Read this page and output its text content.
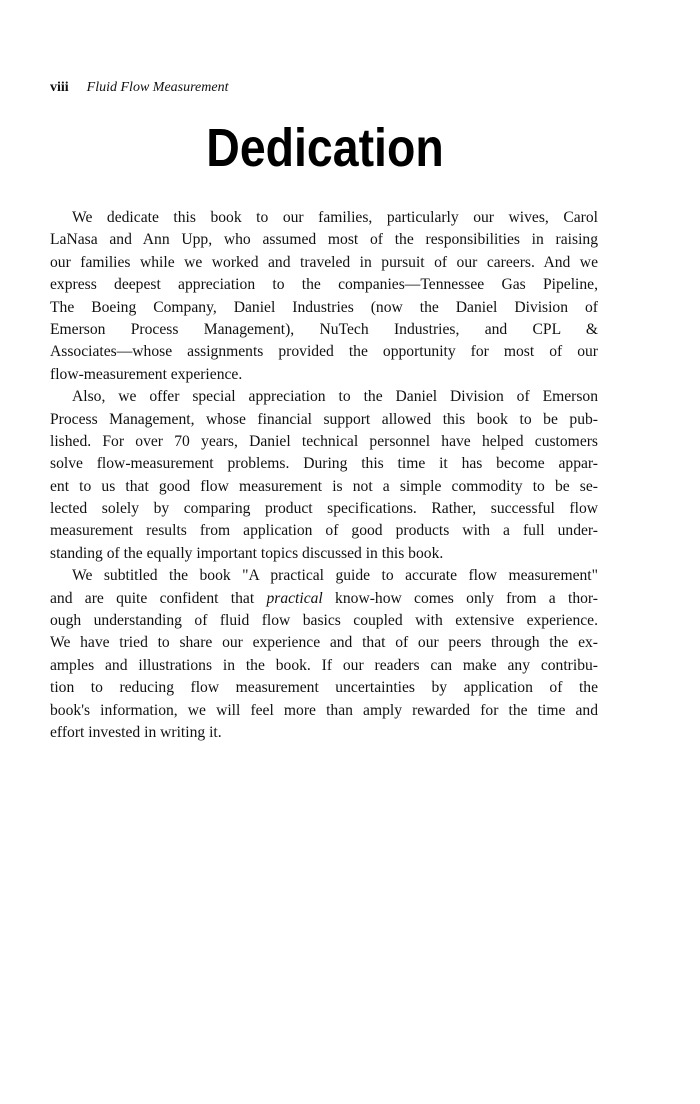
viii Fluid Flow Measurement
Dedication
We dedicate this book to our families, particularly our wives, Carol
LaNasa and Ann Upp, who assumed most of the responsibilities in raising
our families while we worked and traveled in pursuit of our careers. And we
express deepest appreciation to the companies—Tennessee Gas Pipeline,
The Boeing Company, Daniel Industries (now the Daniel Division of
Emerson Process Management), NuTech Industries, and CPL &
Associates—whose assignments provided the opportunity for most of our
flow-measurement experience.
Also, we offer special appreciation to the Daniel Division of Emerson
Process Management, whose financial support allowed this book to be pub-
lished. For over 70 years, Daniel technical personnel have helped customers
solve flow-measurement problems. During this time it has become appar-
ent to us that good flow measurement is not a simple commodity to be se-
lected solely by comparing product specifications. Rather, successful flow
measurement results from application of good products with a full under-
standing of the equally important topics discussed in this book.
We subtitled the book "A practical guide to accurate flow measurement"
and are quite confident that practical know-how comes only from a thor-
ough understanding of fluid flow basics coupled with extensive experience.
We have tried to share our experience and that of our peers through the ex-
amples and illustrations in the book. If our readers can make any contribu-
tion to reducing flow measurement uncertainties by application of the
book's information, we will feel more than amply rewarded for the time and
effort invested in writing it.
